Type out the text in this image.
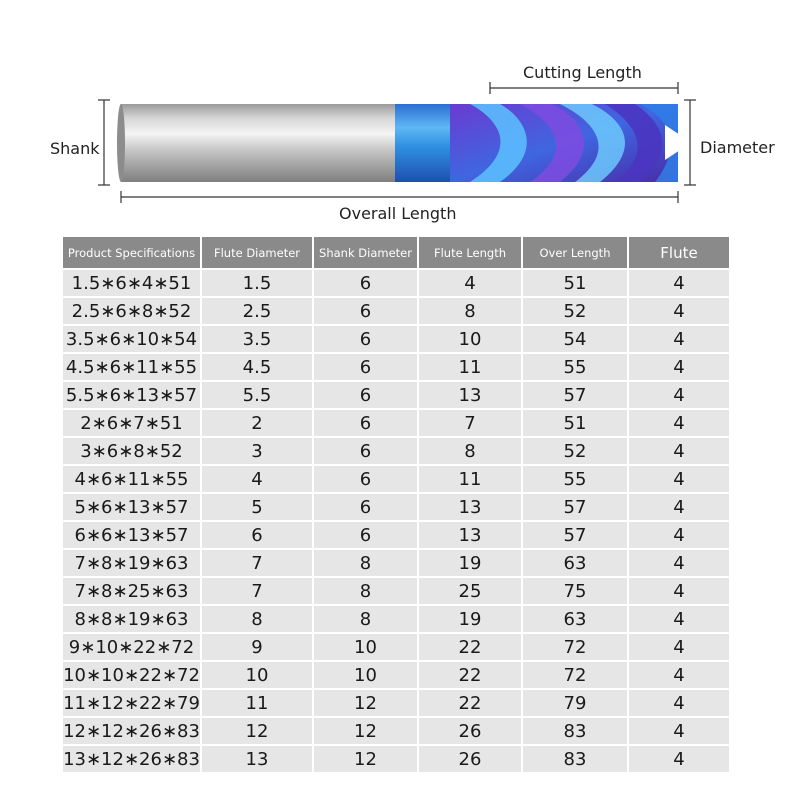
Cutting Length
Shank	Diameter
Overall Length
Product Specifications	Flute Diameter	Shank Diameter	Flute Length	Over Length	Flute
1.5∗6∗4∗51	1.5	6	4	51	4
2.5∗6∗8∗52	2.5	6	8	52	4
3.5∗6∗10∗54	3.5	6	10	54	4
4.5∗6∗11∗55	4.5	6	11	55	4
5.5∗6∗13∗57	5.5	6	13	57	4
2∗6∗7∗51	2	6	7	51	4
3∗6∗8∗52	3	6	8	52	4
4∗6∗11∗55	4	6	11	55	4
5∗6∗13∗57	5	6	13	57	4
6∗6∗13∗57	6	6	13	57	4
7∗8∗19∗63	7	8	19	63	4
7∗8∗25∗63	7	8	25	75	4
8∗8∗19∗63	8	8	19	63	4
9∗10∗22∗72	9	10	22	72	4
10∗10∗22∗72	10	10	22	72	4
11∗12∗22∗79	11	12	22	79	4
12∗12∗26∗83	12	12	26	83	4
13∗12∗26∗83	13	12	26	83	4
